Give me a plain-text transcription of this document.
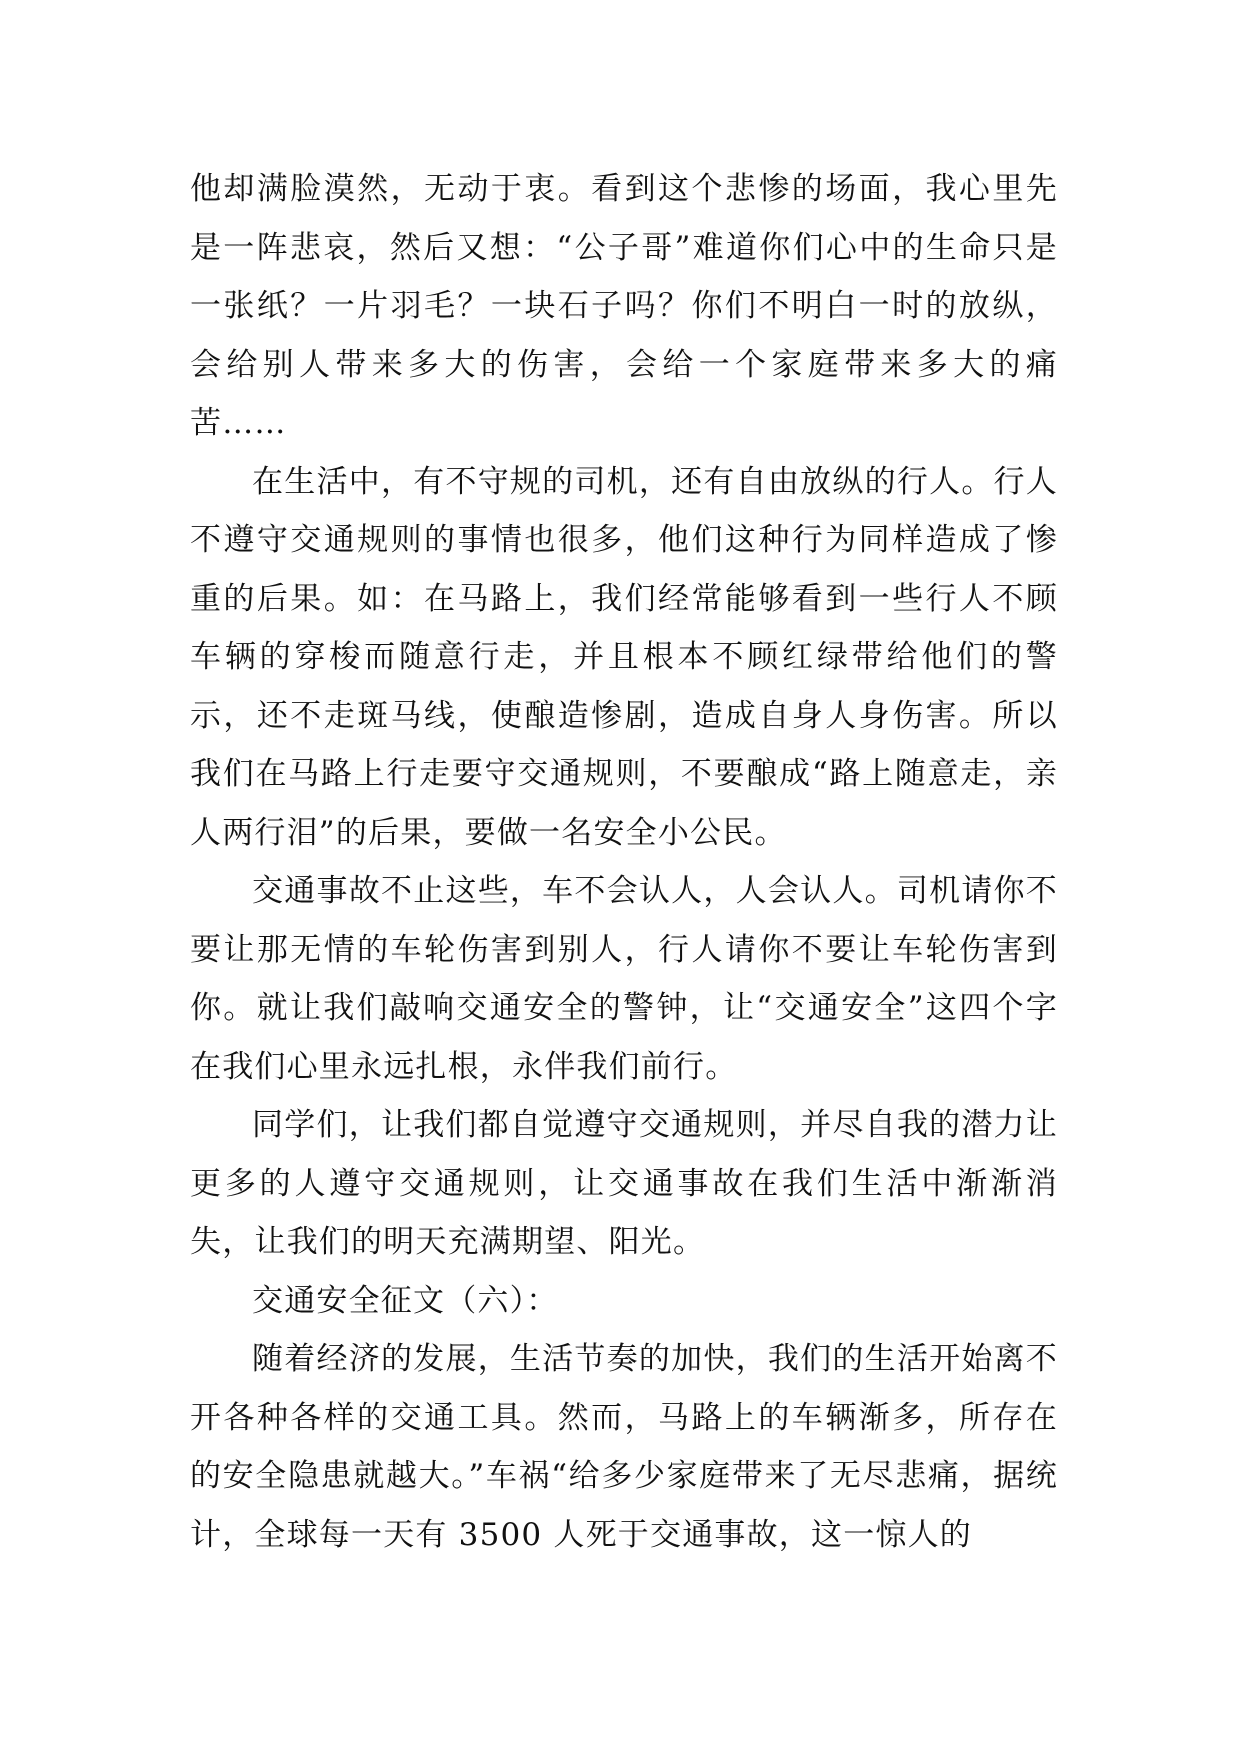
他却满脸漠然，无动于衷。看到这个悲惨的场面，我心里先是一阵悲哀，然后又想：“公子哥”难道你们心中的生命只是一张纸？一片羽毛？一块石子吗？你们不明白一时的放纵，会给别人带来多大的伤害，会给一个家庭带来多大的痛苦……

在生活中，有不守规的司机，还有自由放纵的行人。行人不遵守交通规则的事情也很多，他们这种行为同样造成了惨重的后果。如：在马路上，我们经常能够看到一些行人不顾车辆的穿梭而随意行走，并且根本不顾红绿带给他们的警示，还不走斑马线，使酿造惨剧，造成自身人身伤害。所以我们在马路上行走要守交通规则，不要酿成“路上随意走，亲人两行泪”的后果，要做一名安全小公民。

交通事故不止这些，车不会认人，人会认人。司机请你不要让那无情的车轮伤害到别人，行人请你不要让车轮伤害到你。就让我们敲响交通安全的警钟，让“交通安全”这四个字在我们心里永远扎根，永伴我们前行。

同学们，让我们都自觉遵守交通规则，并尽自我的潜力让更多的人遵守交通规则，让交通事故在我们生活中渐渐消失，让我们的明天充满期望、阳光。

交通安全征文（六）：

随着经济的发展，生活节奏的加快，我们的生活开始离不开各种各样的交通工具。然而，马路上的车辆渐多，所存在的安全隐患就越大。”车祸“给多少家庭带来了无尽悲痛，据统计，全球每一天有 3500 人死于交通事故，这一惊人的
